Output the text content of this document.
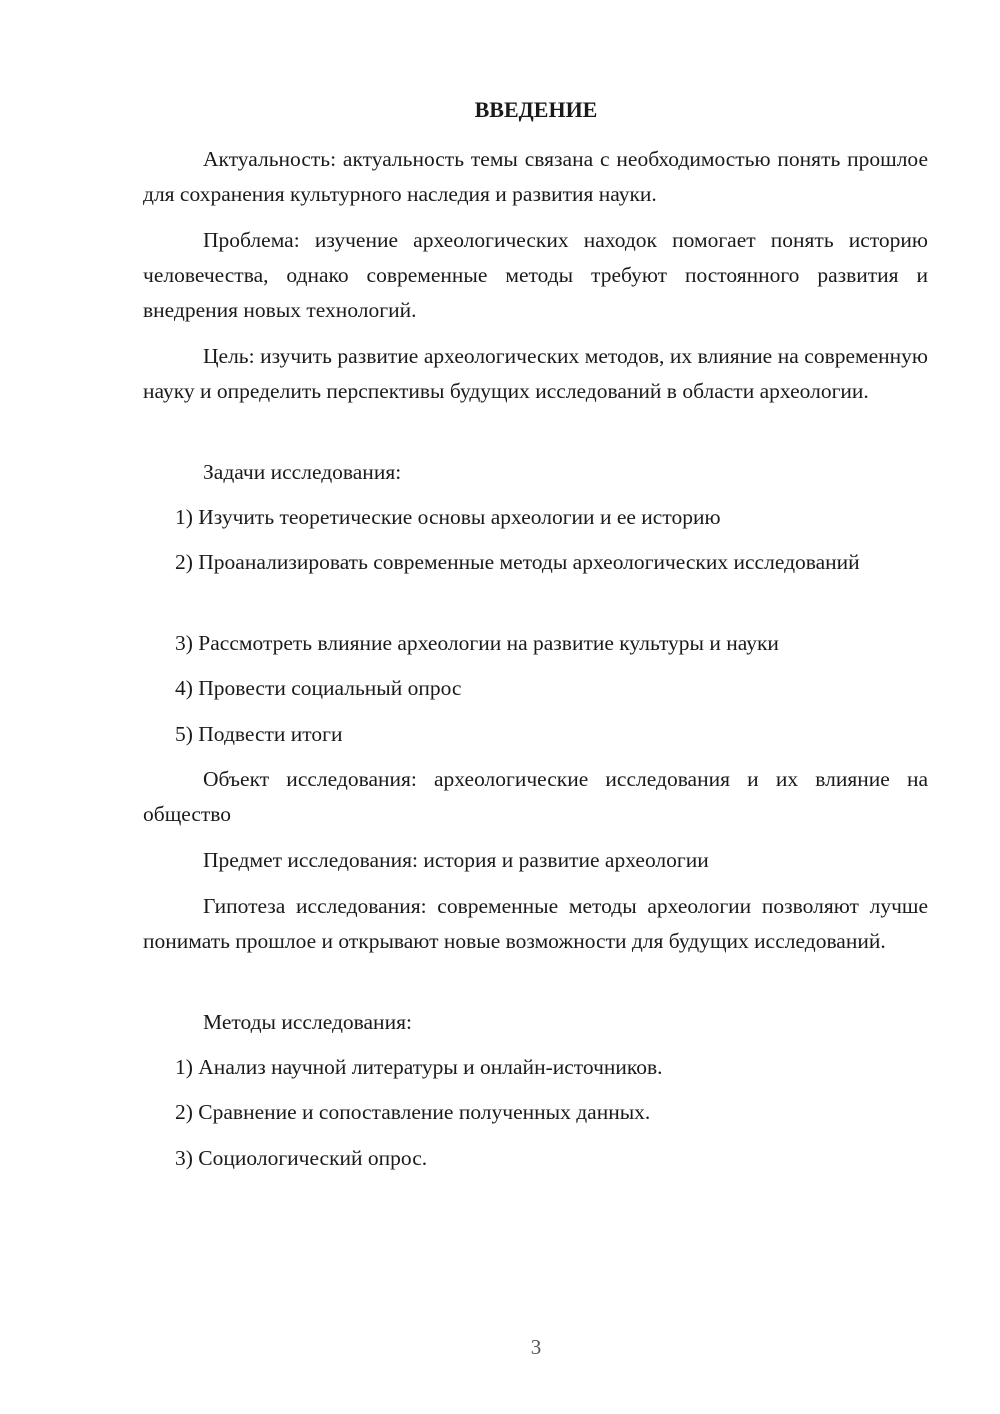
ВВЕДЕНИЕ

Актуальность: актуальность темы связана с необходимостью понять прошлое для сохранения культурного наследия и развития науки.

Проблема: изучение археологических находок помогает понять историю человечества, однако современные методы требуют постоянного развития и внедрения новых технологий.

Цель: изучить развитие археологических методов, их влияние на современную науку и определить перспективы будущих исследований в области археологии.

Задачи исследования:

1) Изучить теоретические основы археологии и ее историю

2) Проанализировать современные методы археологических исследований

3) Рассмотреть влияние археологии на развитие культуры и науки

4) Провести социальный опрос

5) Подвести итоги

Объект исследования: археологические исследования и их влияние на общество

Предмет исследования: история и развитие археологии

Гипотеза исследования: современные методы археологии позволяют лучше понимать прошлое и открывают новые возможности для будущих исследований.

Методы исследования:

1) Анализ научной литературы и онлайн-источников.

2) Сравнение и сопоставление полученных данных.

3) Социологический опрос.

3
